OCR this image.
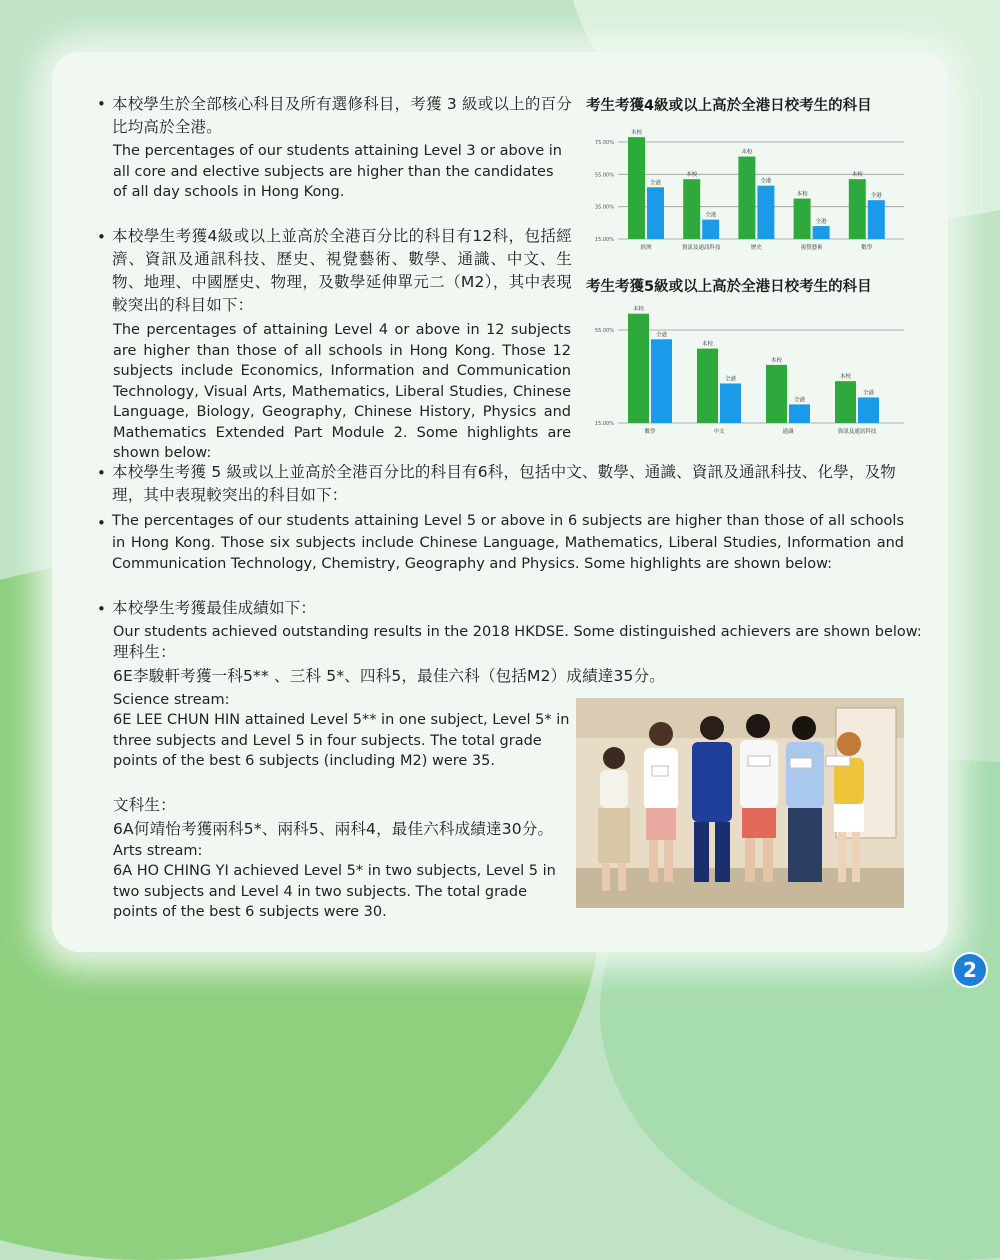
• 本校學生於全部核心科目及所有選修科目，考獲 3 級或以上的百分比均高於全港。
The percentages of our students attaining Level 3 or above in all core and elective subjects are higher than the candidates of all day schools in Hong Kong.
• 本校學生考獲4級或以上並高於全港百分比的科目有12科，包括經濟、資訊及通訊科技、歷史、視覺藝術、數學、通識、中文、生物、地理、中國歷史、物理，及數學延伸單元二（M2），其中表現較突出的科目如下：
The percentages of attaining Level 4 or above in 12 subjects are higher than those of all schools in Hong Kong. Those 12 subjects include Economics, Information and Communication Technology, Visual Arts, Mathematics, Liberal Studies, Chinese Language, Biology, Geography, Chinese History, Physics and Mathematics Extended Part Module 2. Some highlights are shown below:
考生考獲4級或以上高於全港日校考生的科目
75.00%
55.00%
35.00%
15.00%
本校
全港
經濟
本校
全港
資訊及通訊科技
本校
全港
歷史
本校
全港
視覺藝術
本校
全港
數學
考生考獲5級或以上高於全港日校考生的科目
55.00%
15.00%
本校
全港
數學
本校
全港
中文
本校
全港
通識
本校
全港
資訊及通訊科技
• 本校學生考獲 5 級或以上並高於全港百分比的科目有6科，包括中文、數學、通識、資訊及通訊科技、化學，及物理，其中表現較突出的科目如下：
• The percentages of our students attaining Level 5 or above in 6 subjects are higher than those of all schools in Hong Kong. Those six subjects include Chinese Language, Mathematics, Liberal Studies, Information and Communication Technology, Chemistry, Geography and Physics. Some highlights are shown below:
• 本校學生考獲最佳成績如下：
Our students achieved outstanding results in the 2018 HKDSE. Some distinguished achievers are shown below:
理科生：
6E李駿軒考獲一科5** 、三科 5*、四科5，最佳六科（包括M2）成績達35分。
Science stream:
6E LEE CHUN HIN attained Level 5** in one subject, Level 5* in three subjects and Level 5 in four subjects. The total grade points of the best 6 subjects (including M2) were 35.
文科生：
6A何靖怡考獲兩科5*、兩科5、兩科4，最佳六科成績達30分。
Arts stream:
6A HO CHING YI achieved Level 5* in two subjects, Level 5 in two subjects and Level 4 in two subjects. The total grade points of the best 6 subjects were 30.
2
